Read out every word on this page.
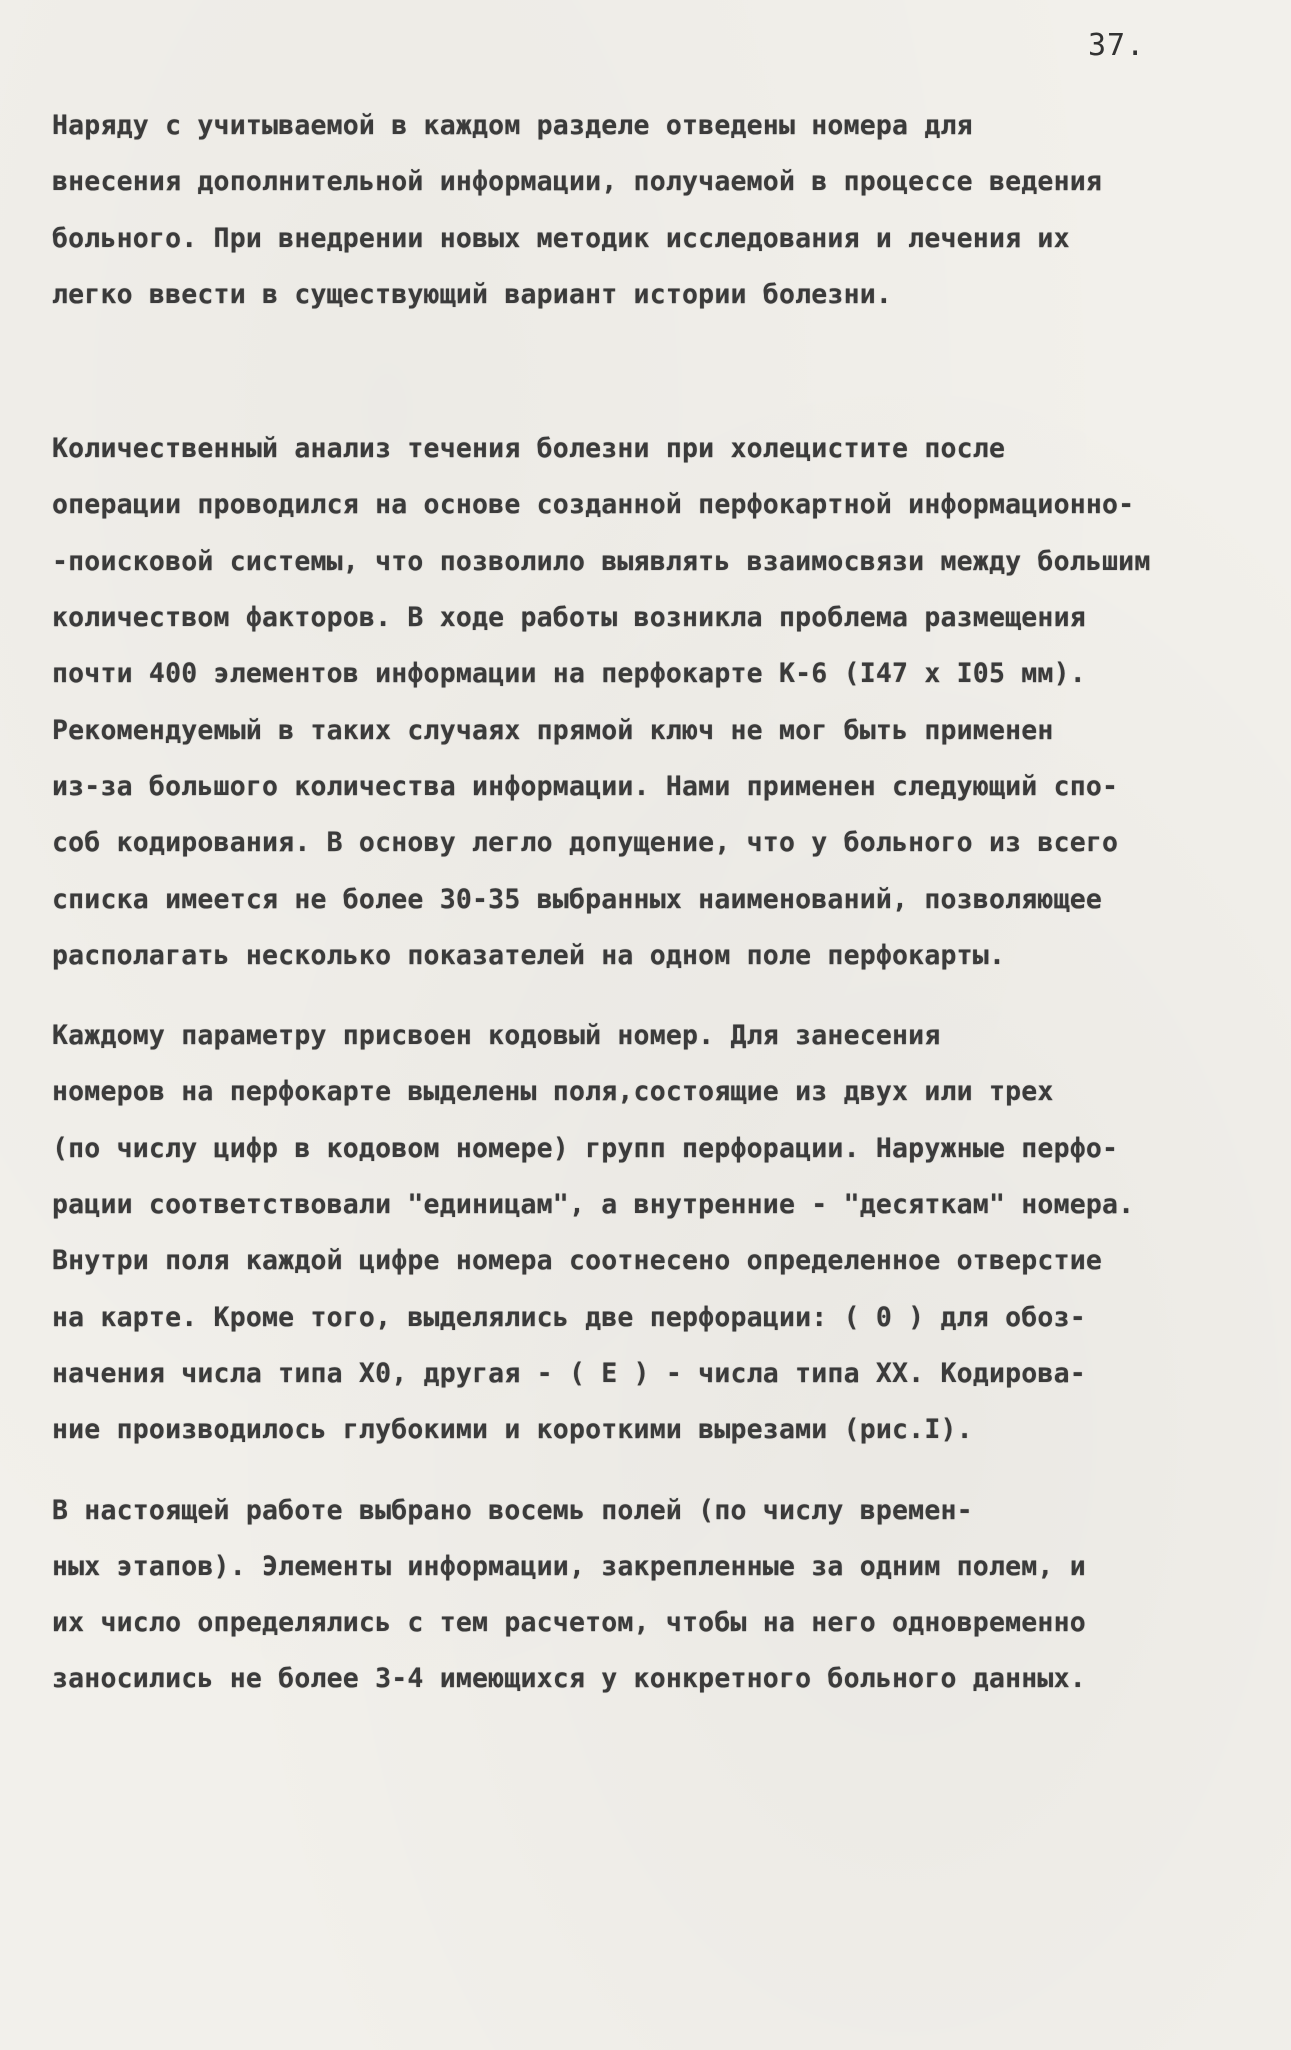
37.
Наряду с учитываемой в каждом разделе отведены номера для
внесения дополнительной информации, получаемой в процессе ведения
больного. При внедрении новых методик исследования и лечения их
легко ввести в существующий вариант истории болезни.
Количественный анализ течения болезни при холецистите после
операции проводился на основе созданной перфокартной информационно-
-поисковой системы, что позволило выявлять взаимосвязи между большим
количеством факторов. В ходе работы возникла проблема размещения
почти 400 элементов информации на перфокарте К-6 (I47 х I05 мм).
Рекомендуемый в таких случаях прямой ключ не мог быть применен
из-за большого количества информации. Нами применен следующий спо-
соб кодирования. В основу легло допущение, что у больного из всего
списка имеется не более 30-35 выбранных наименований, позволяющее
располагать несколько показателей на одном поле перфокарты.
Каждому параметру присвоен кодовый номер. Для занесения
номеров на перфокарте выделены поля,состоящие из двух или трех
(по числу цифр в кодовом номере) групп перфорации. Наружные перфо-
рации соответствовали "единицам", а внутренние - "десяткам" номера.
Внутри поля каждой цифре номера соотнесено определенное отверстие
на карте. Кроме того, выделялись две перфорации: ( 0 ) для обоз-
начения числа типа Х0, другая - ( Е ) - числа типа ХХ. Кодирова-
ние производилось глубокими и короткими вырезами (рис.I).
В настоящей работе выбрано восемь полей (по числу времен-
ных этапов). Элементы информации, закрепленные за одним полем, и
их число определялись с тем расчетом, чтобы на него одновременно
заносились не более 3-4 имеющихся у конкретного больного данных.
